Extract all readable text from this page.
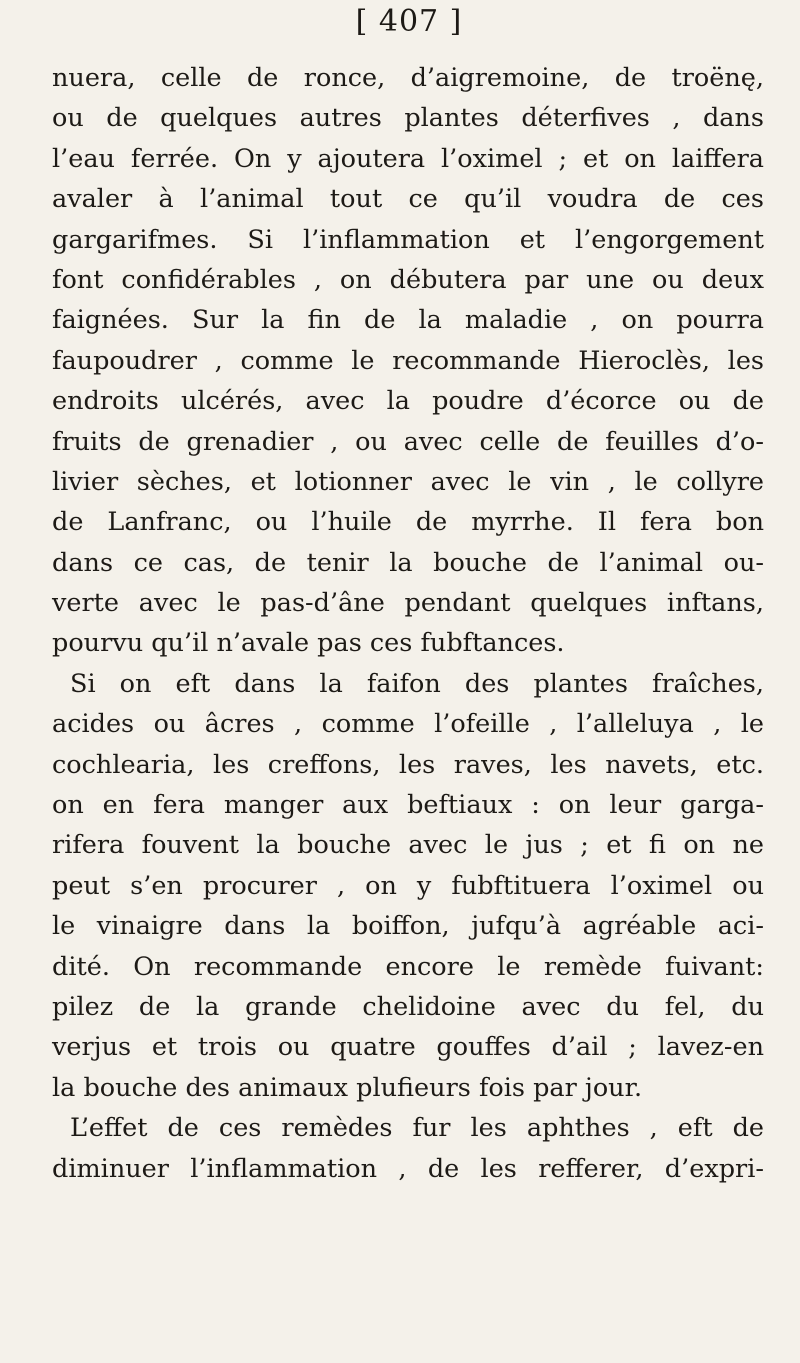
[ 407 ]
nuera, celle de ronce, d’aigremoine, de troënę,
ou de quelques autres plantes déterfives , dans
l’eau ferrée. On y ajoutera l’oximel ; et on laiffera
avaler à l’animal tout ce qu’il voudra de ces
gargarifmes. Si l’inflammation et l’engorgement
font confidérables , on débutera par une ou deux
faignées. Sur la fin de la maladie , on pourra
faupoudrer , comme le recommande Hieroclès, les
endroits ulcérés, avec la poudre d’écorce ou de
fruits de grenadier , ou avec celle de feuilles d’o-
livier sèches, et lotionner avec le vin , le collyre
de Lanfranc, ou l’huile de myrrhe. Il fera bon
dans ce cas, de tenir la bouche de l’animal ou-
verte avec le pas-d’âne pendant quelques inftans,
pourvu qu’il n’avale pas ces fubftances.
Si on eft dans la faifon des plantes fraîches,
acides ou âcres , comme l’ofeille , l’alleluya , le
cochlearia, les creffons, les raves, les navets, etc.
on en fera manger aux beftiaux : on leur garga-
rifera fouvent la bouche avec le jus ; et fi on ne
peut s’en procurer , on y fubftituera l’oximel ou
le vinaigre dans la boiffon, jufqu’à agréable aci-
dité. On recommande encore le remède fuivant:
pilez de la grande chelidoine avec du fel, du
verjus et trois ou quatre gouffes d’ail ; lavez-en
la bouche des animaux plufieurs fois par jour.
L’effet de ces remèdes fur les aphthes , eft de
diminuer l’inflammation , de les refferer, d’expri-
